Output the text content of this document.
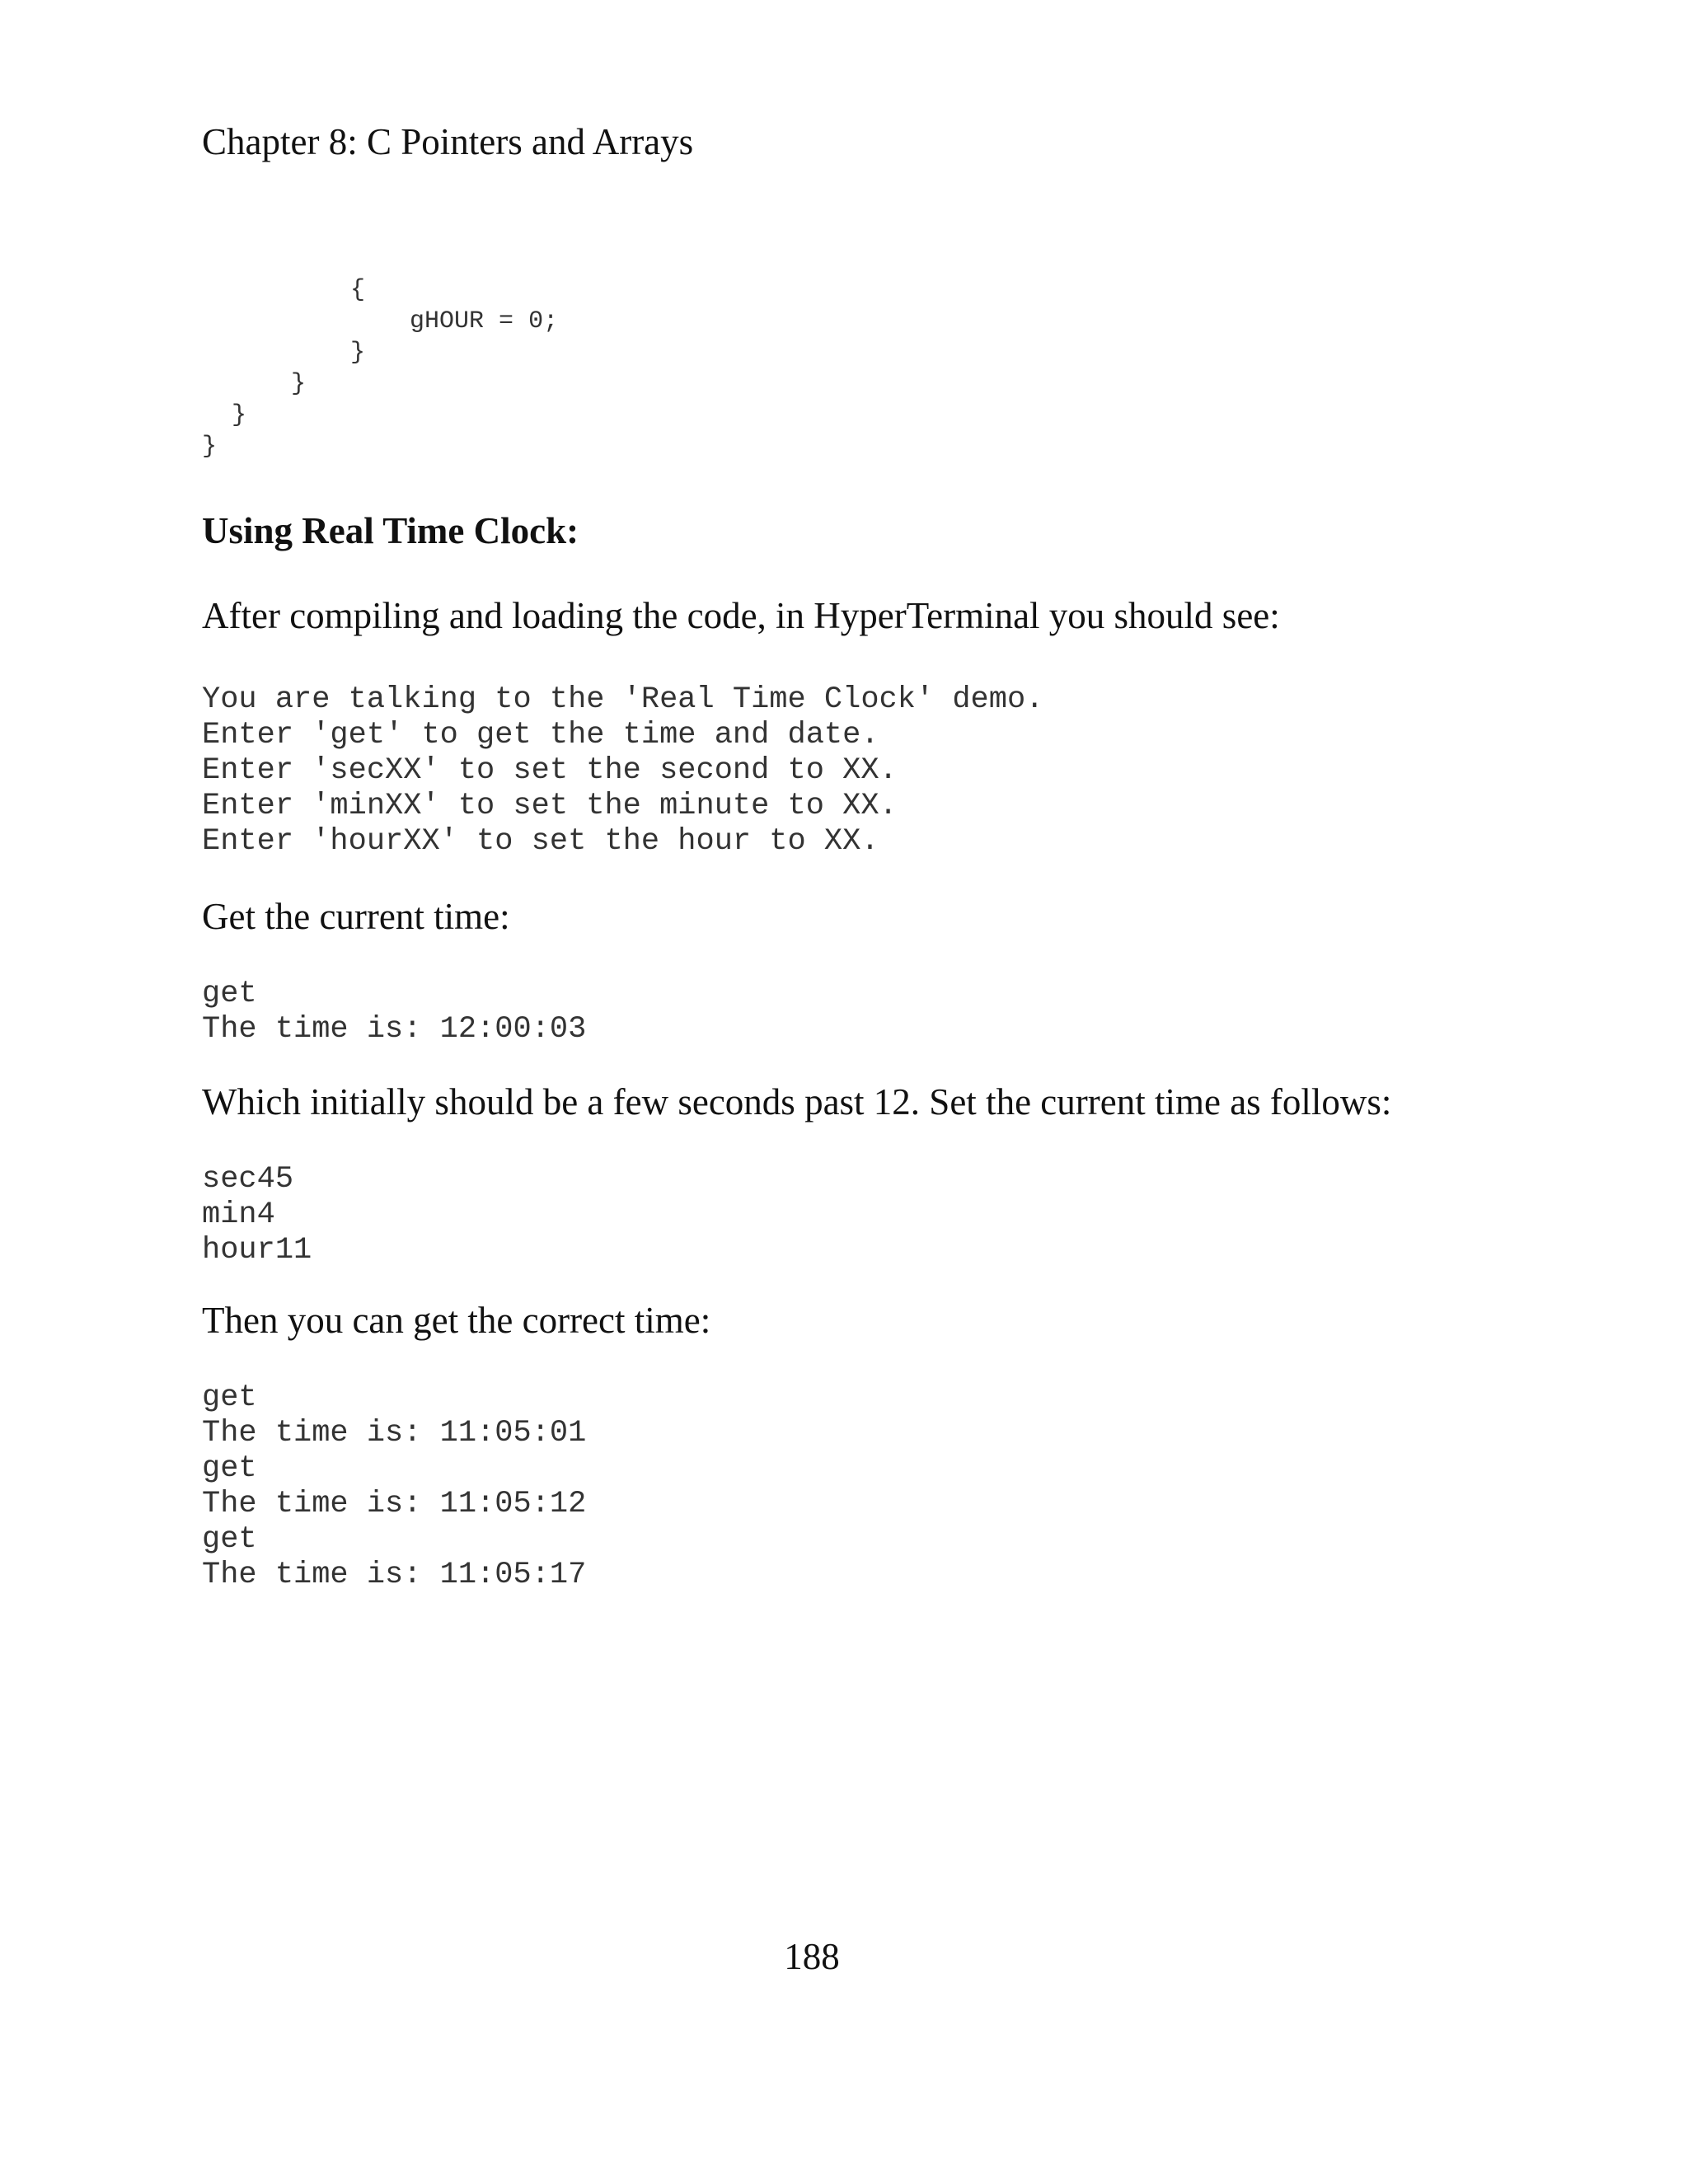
Chapter 8: C Pointers and Arrays
{
gHOUR = 0;
}
}
}
}
Using Real Time Clock:
After compiling and loading the code, in HyperTerminal you should see:
You are talking to the 'Real Time Clock' demo.
Enter 'get' to get the time and date.
Enter 'secXX' to set the second to XX.
Enter 'minXX' to set the minute to XX.
Enter 'hourXX' to set the hour to XX.
Get the current time:
get
The time is: 12:00:03
Which initially should be a few seconds past 12. Set the current time as follows:
sec45
min4
hour11
Then you can get the correct time:
get
The time is: 11:05:01
get
The time is: 11:05:12
get
The time is: 11:05:17
188
